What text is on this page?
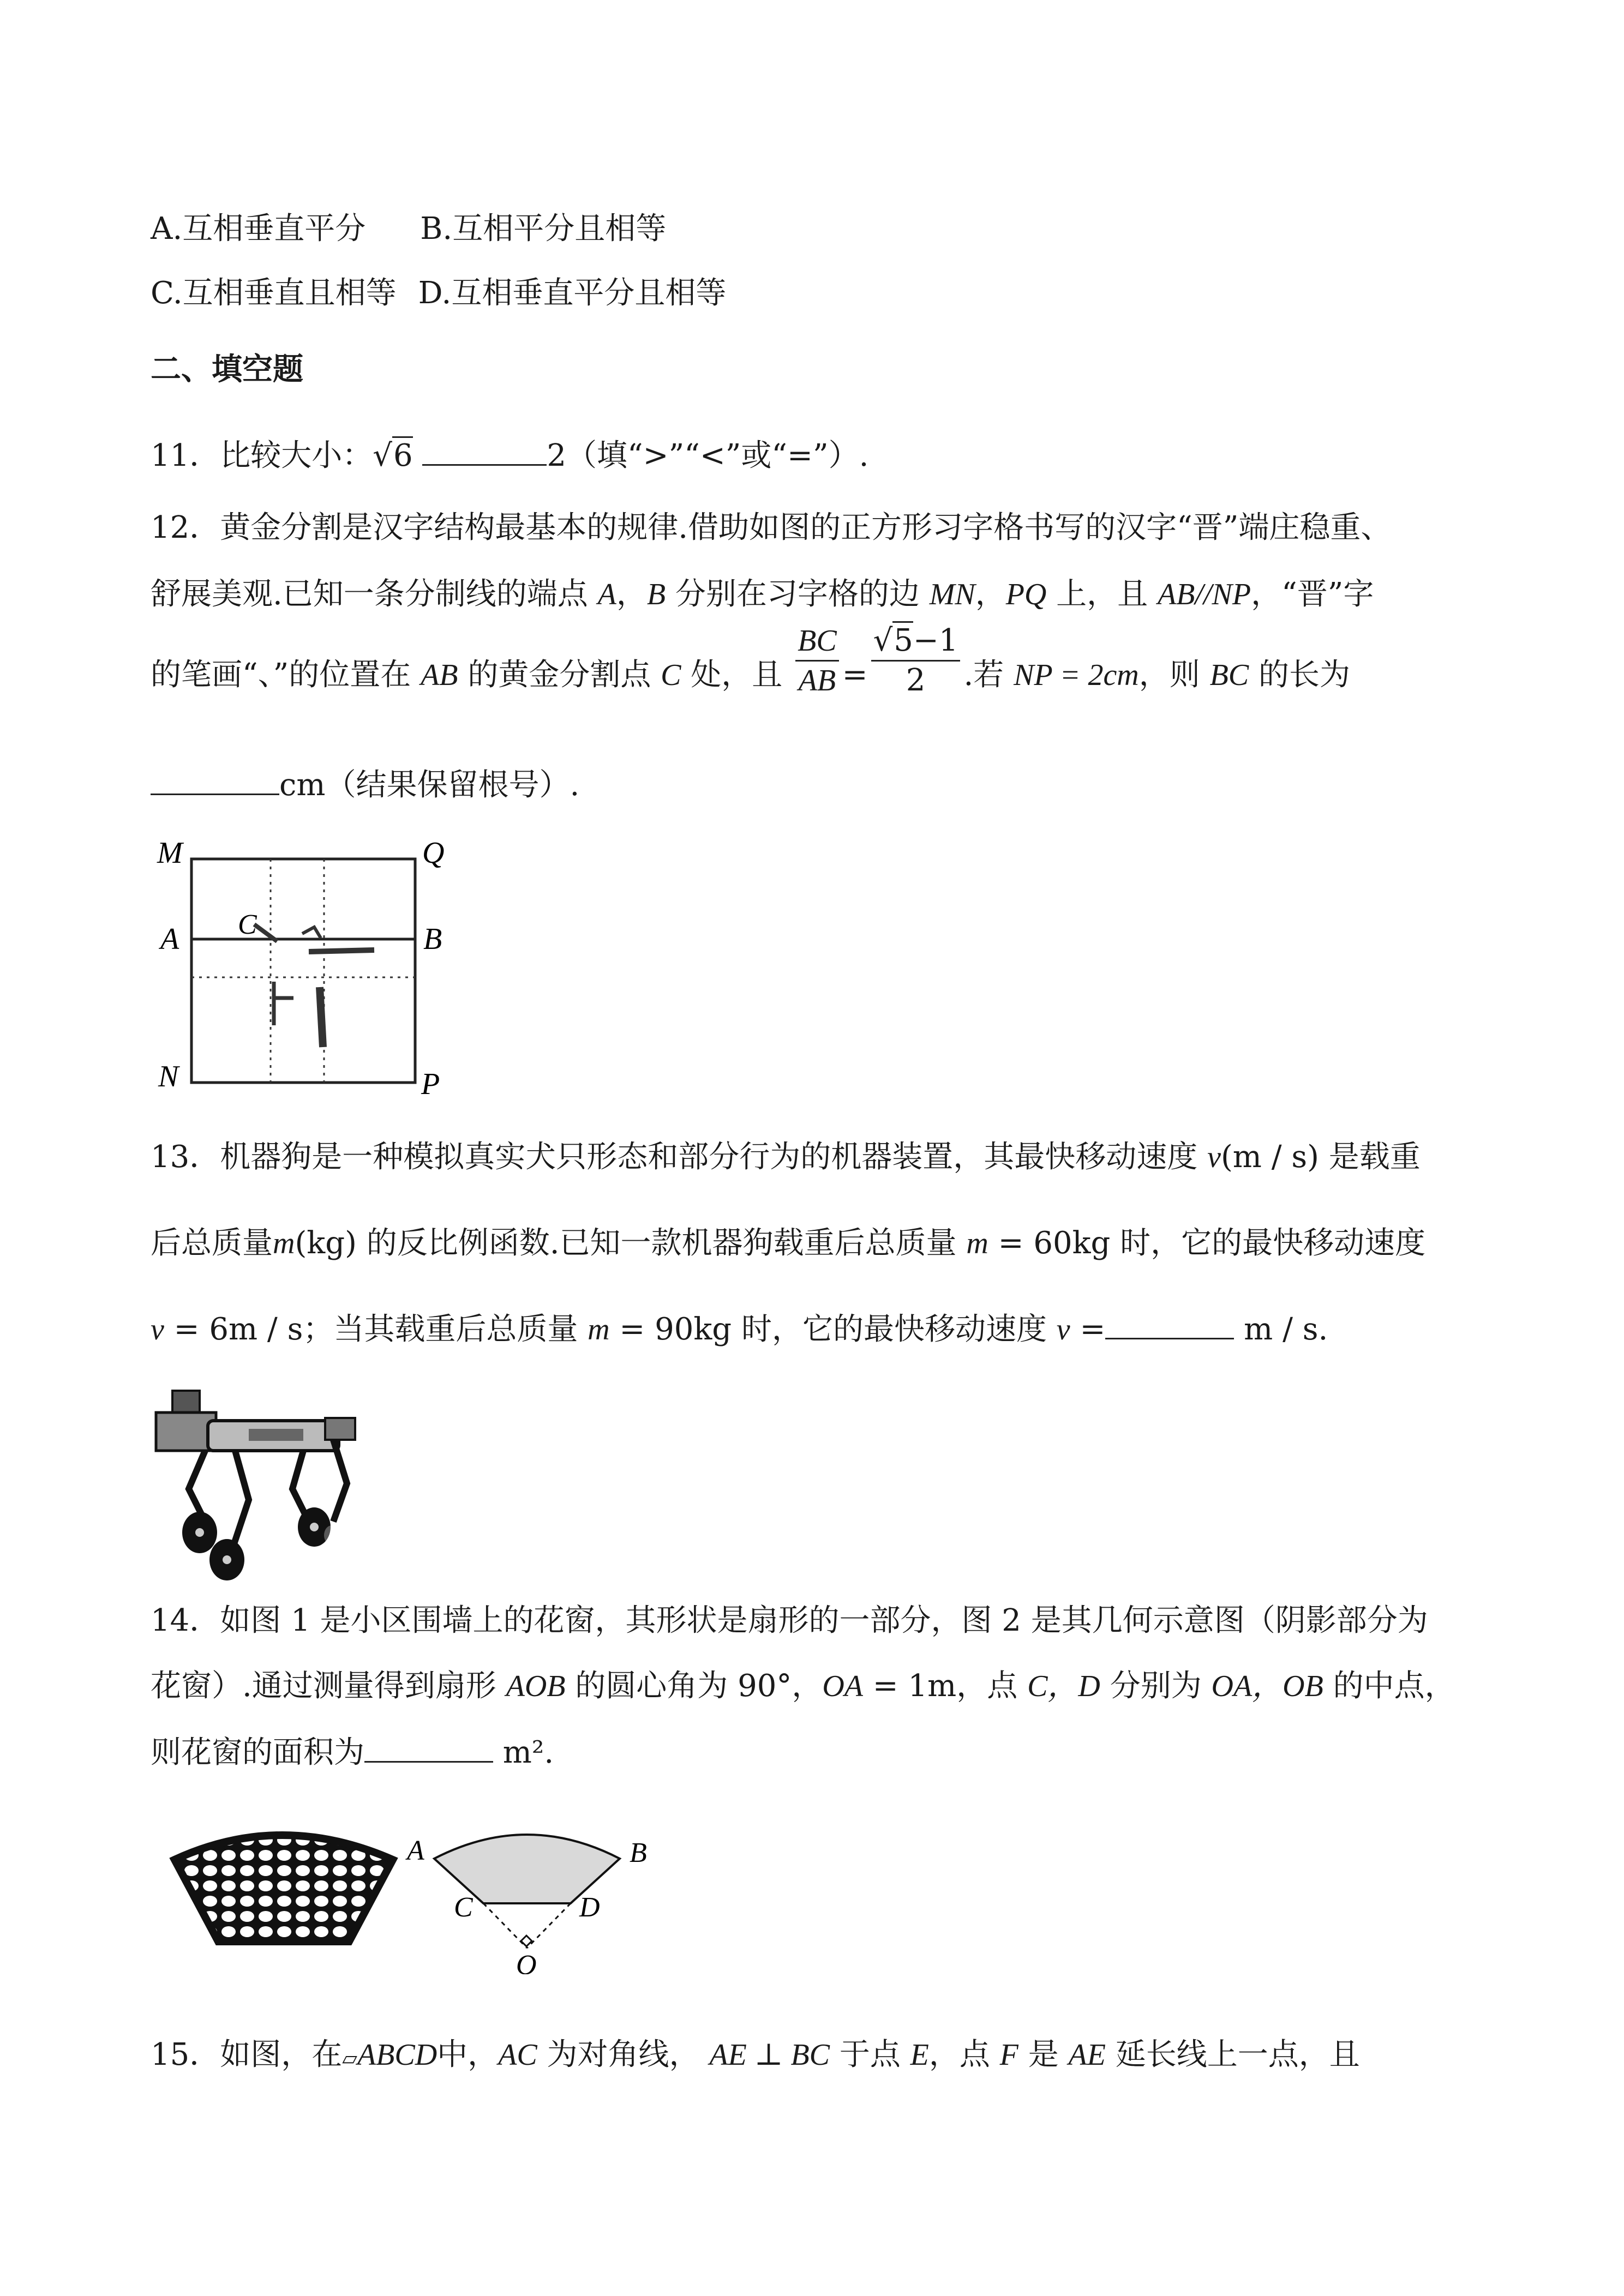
A.互相垂直平分 B.互相平分且相等
C.互相垂直且相等 D.互相垂直平分且相等
二、填空题
11．比较大小：√6	2（填“>”“<”或“=”）.
12．黄金分割是汉字结构最基本的规律.借助如图的正方形习字格书写的汉字“晋”端庄稳重、
舒展美观.已知一条分制线的端点 A，B 分别在习字格的边 MN，PQ 上，且 AB//NP，“晋”字
的笔画“、”的位置在 AB 的黄金分割点 C 处，且 $\frac{BC}{AB} = \frac{√5-1}{2}$ .若 NP = 2cm，则 BC 的长为
cm（结果保留根号）.
M	Q
A	B
C
N	P
13．机器狗是一种模拟真实犬只形态和部分行为的机器装置，其最快移动速度 v(m / s) 是载重
后总质量m(kg) 的反比例函数.已知一款机器狗载重后总质量 m = 60kg 时，它的最快移动速度
v = 6m / s；当其载重后总质量 m = 90kg 时，它的最快移动速度 v =	m / s.
14．如图 1 是小区围墙上的花窗，其形状是扇形的一部分，图 2 是其几何示意图（阴影部分为
花窗）.通过测量得到扇形 AOB 的圆心角为 90°，OA = 1m，点 C，D 分别为 OA，OB 的中点，
则花窗的面积为	m².
A	B
C	D
O
15．如图，在▱ABCD中，AC 为对角线， AE ⊥ BC 于点 E，点 F 是 AE 延长线上一点，且
